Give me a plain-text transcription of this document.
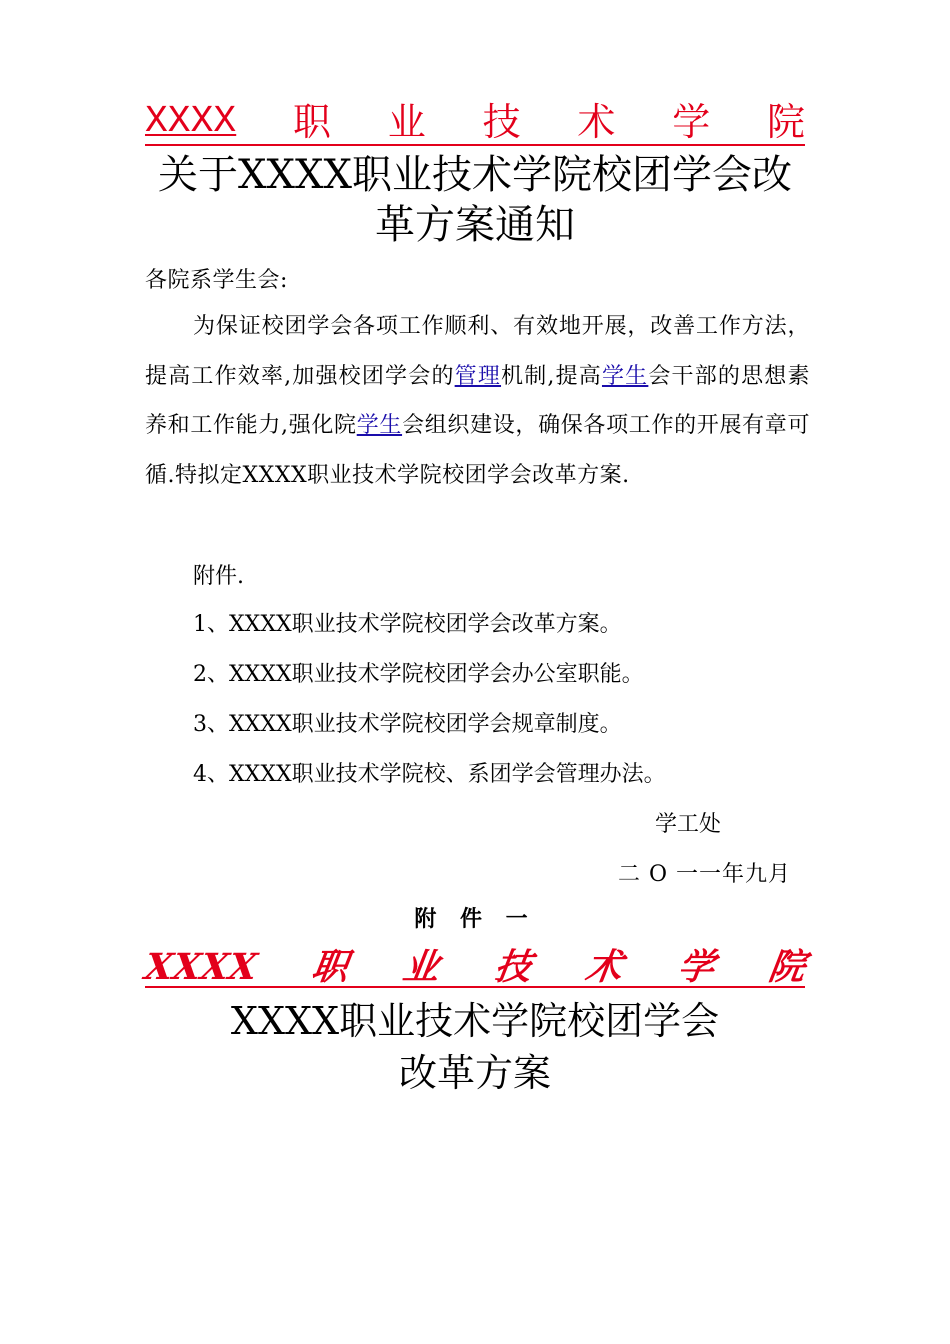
XXXX 职 业 技 术 学 院
关于XXXX职业技术学院校团学会改
革方案通知
各院系学生会:
为保证校团学会各项工作顺利、有效地开展，改善工作方法，提高工作效率,加强校团学会的管理机制,提高学生会干部的思想素养和工作能力,强化院学生会组织建设，确保各项工作的开展有章可循.特拟定XXXX职业技术学院校团学会改革方案.
附件.
1、XXXX职业技术学院校团学会改革方案。
2、XXXX职业技术学院校团学会办公室职能。
3、XXXX职业技术学院校团学会规章制度。
4、XXXX职业技术学院校、系团学会管理办法。
学工处
二 O 一一年九月
附 件 一
XXXX 职 业 技 术 学 院
XXXX职业技术学院校团学会
改革方案
